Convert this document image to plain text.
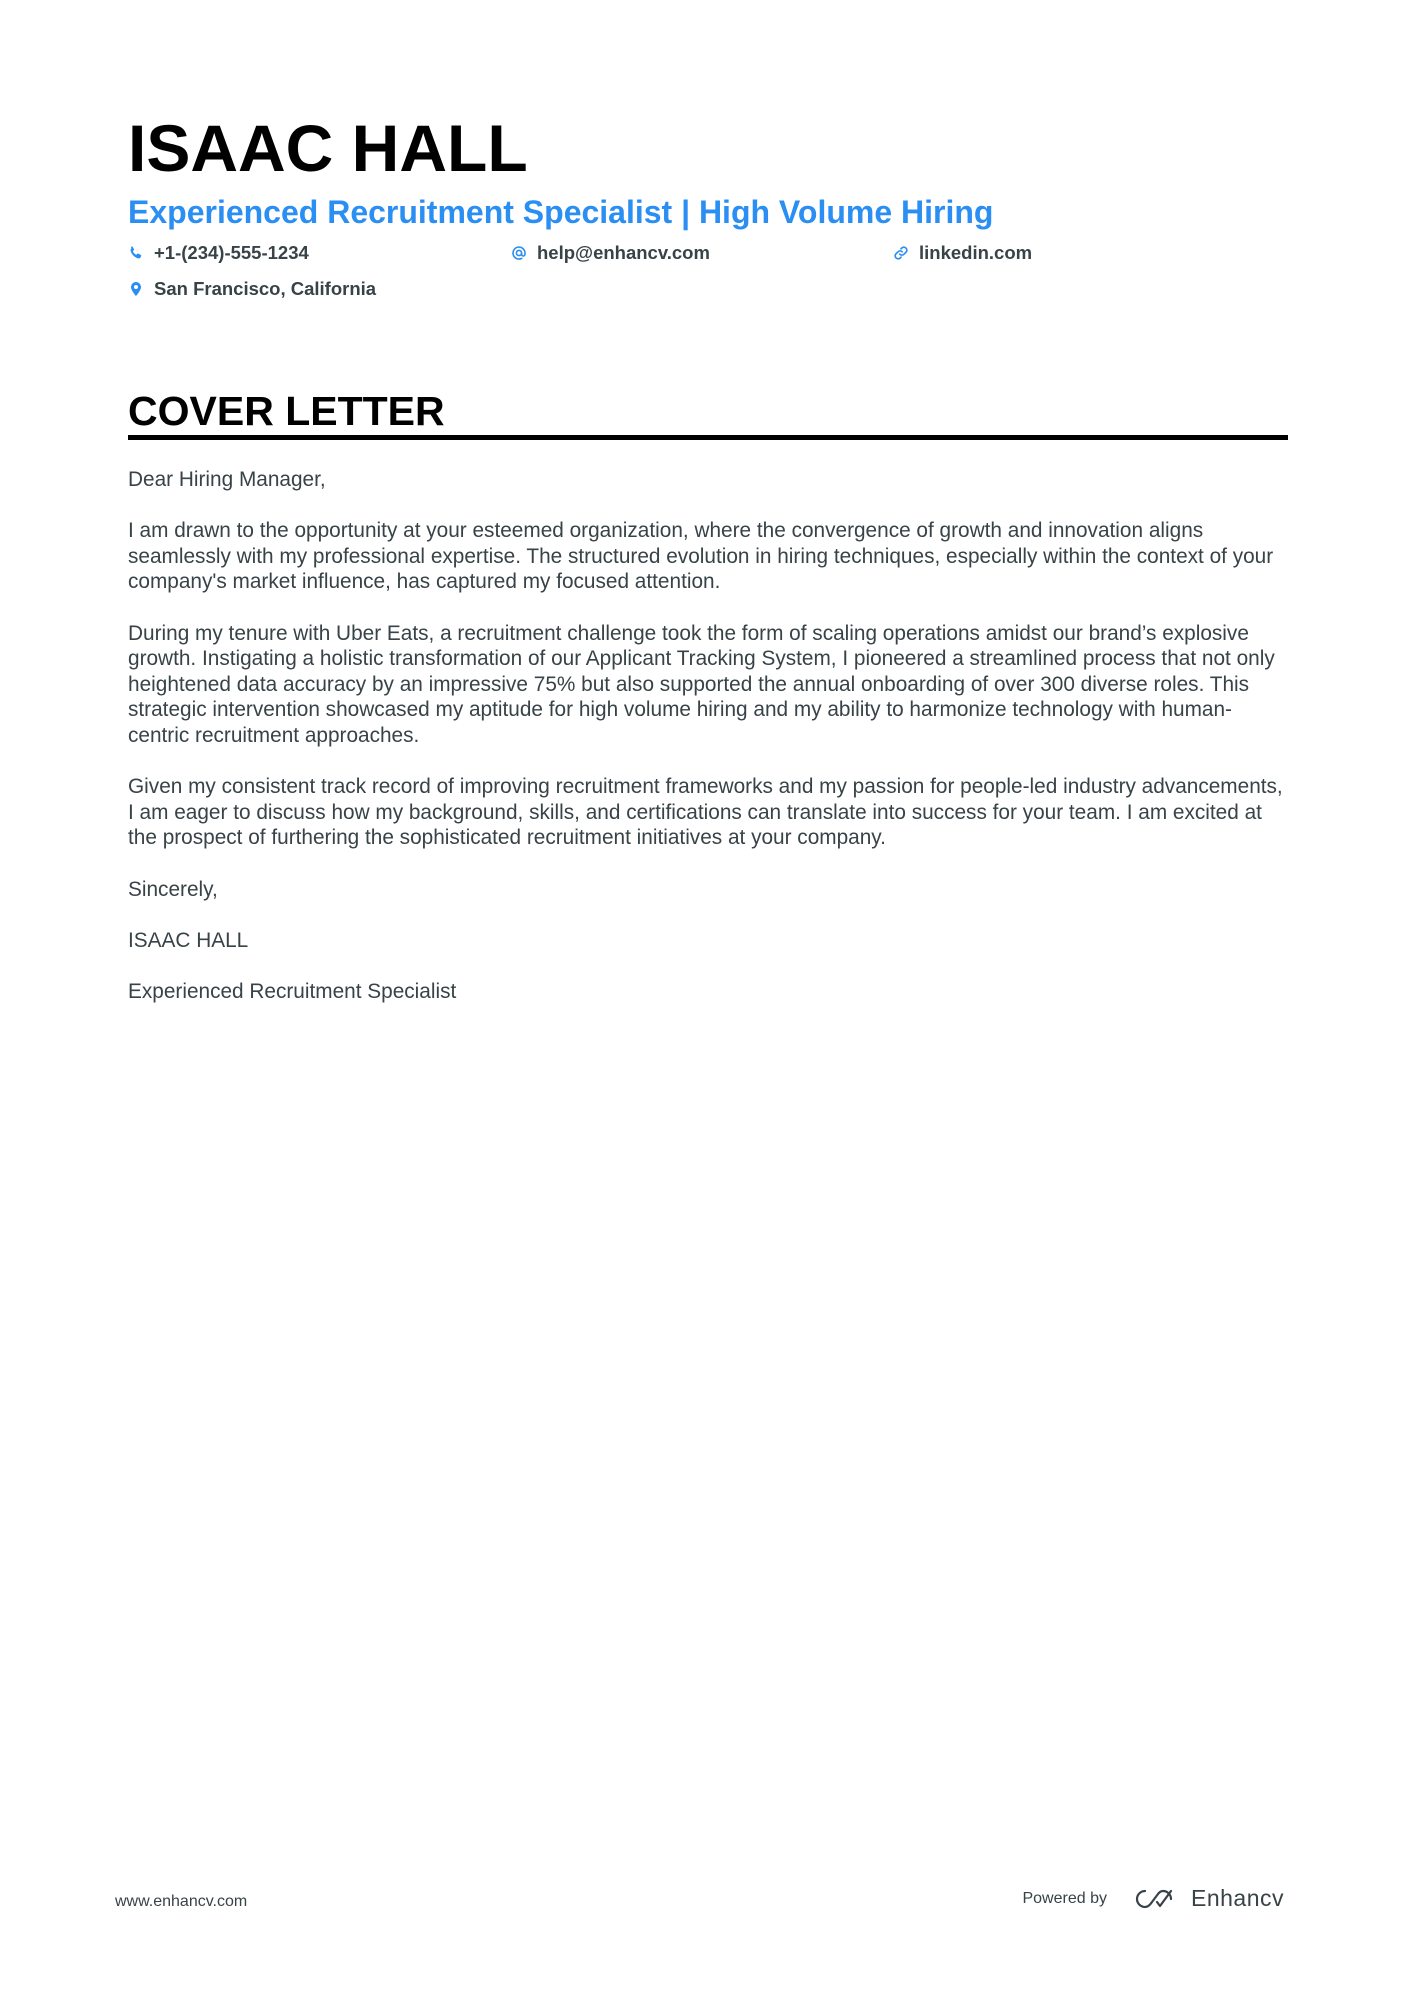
ISAAC HALL
Experienced Recruitment Specialist | High Volume Hiring
+1-(234)-555-1234	help@enhancv.com	linkedin.com
San Francisco, California
COVER LETTER

Dear Hiring Manager,

I am drawn to the opportunity at your esteemed organization, where the convergence of growth and innovation aligns seamlessly with my professional expertise. The structured evolution in hiring techniques, especially within the context of your company's market influence, has captured my focused attention.

During my tenure with Uber Eats, a recruitment challenge took the form of scaling operations amidst our brand’s explosive growth. Instigating a holistic transformation of our Applicant Tracking System, I pioneered a streamlined process that not only heightened data accuracy by an impressive 75% but also supported the annual onboarding of over 300 diverse roles. This strategic intervention showcased my aptitude for high volume hiring and my ability to harmonize technology with human-centric recruitment approaches.

Given my consistent track record of improving recruitment frameworks and my passion for people-led industry advancements, I am eager to discuss how my background, skills, and certifications can translate into success for your team. I am excited at the prospect of furthering the sophisticated recruitment initiatives at your company.

Sincerely,

ISAAC HALL

Experienced Recruitment Specialist

www.enhancv.com	Powered by	Enhancv
